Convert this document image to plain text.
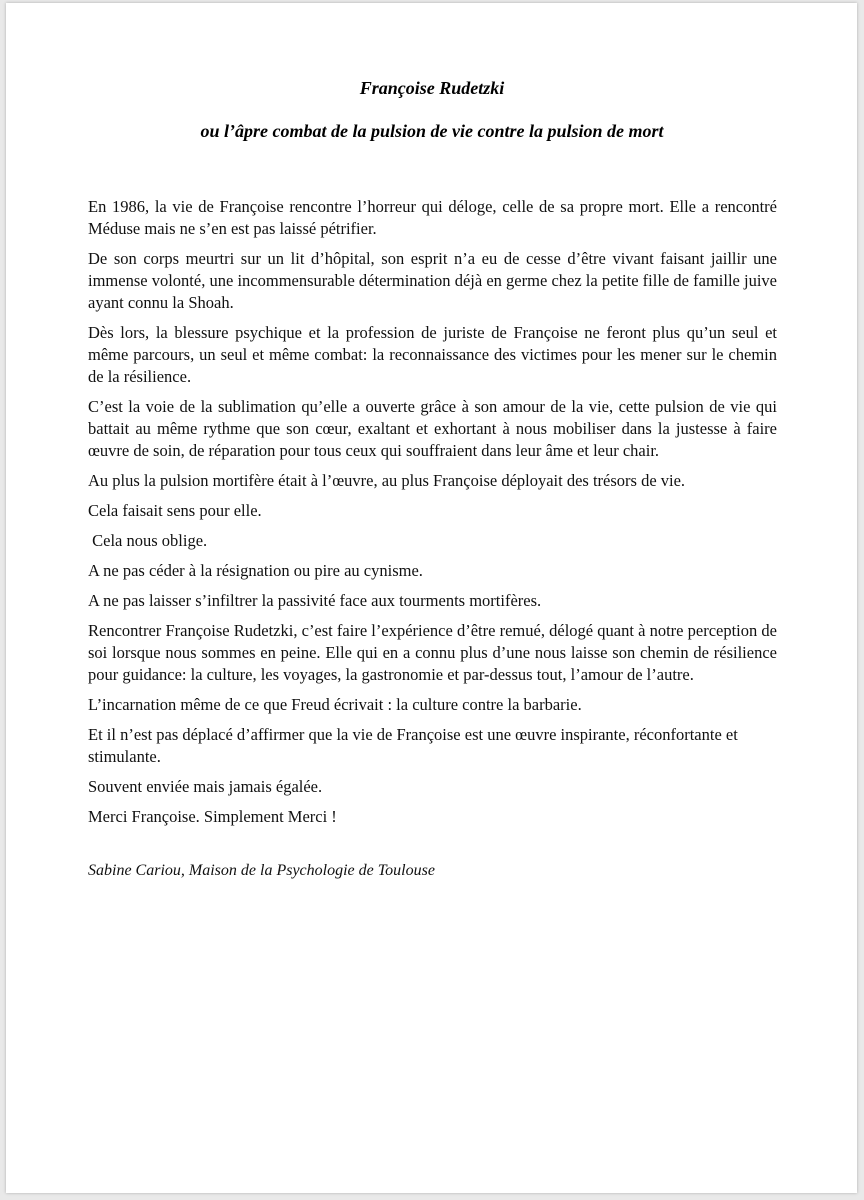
Françoise Rudetzki
ou l’âpre combat de la pulsion de vie contre la pulsion de mort

En 1986, la vie de Françoise rencontre l’horreur qui déloge, celle de sa propre mort. Elle a rencontré Méduse mais ne s’en est pas laissé pétrifier.

De son corps meurtri sur un lit d’hôpital, son esprit n’a eu de cesse d’être vivant faisant jaillir une immense volonté, une incommensurable détermination déjà en germe chez la petite fille de famille juive ayant connu la Shoah.

Dès lors, la blessure psychique et la profession de juriste de Françoise ne feront plus qu’un seul et même parcours, un seul et même combat: la reconnaissance des victimes pour les mener sur le chemin de la résilience.

C’est la voie de la sublimation qu’elle a ouverte grâce à son amour de la vie, cette pulsion de vie qui battait au même rythme que son cœur, exaltant et exhortant à nous mobiliser dans la justesse à faire œuvre de soin, de réparation pour tous ceux qui souffraient dans leur âme et leur chair.

Au plus la pulsion mortifère était à l’œuvre, au plus Françoise déployait des trésors de vie.

Cela faisait sens pour elle.

Cela nous oblige.

A ne pas céder à la résignation ou pire au cynisme.

A ne pas laisser s’infiltrer la passivité face aux tourments mortifères.

Rencontrer Françoise Rudetzki, c’est faire l’expérience d’être remué, délogé quant à notre perception de soi lorsque nous sommes en peine. Elle qui en a connu plus d’une nous laisse son chemin de résilience pour guidance: la culture, les voyages, la gastronomie et par-dessus tout, l’amour de l’autre.

L’incarnation même de ce que Freud écrivait : la culture contre la barbarie.

Et il n’est pas déplacé d’affirmer que la vie de Françoise est une œuvre inspirante, réconfortante et stimulante.

Souvent enviée mais jamais égalée.

Merci Françoise. Simplement Merci !

Sabine Cariou, Maison de la Psychologie de Toulouse
